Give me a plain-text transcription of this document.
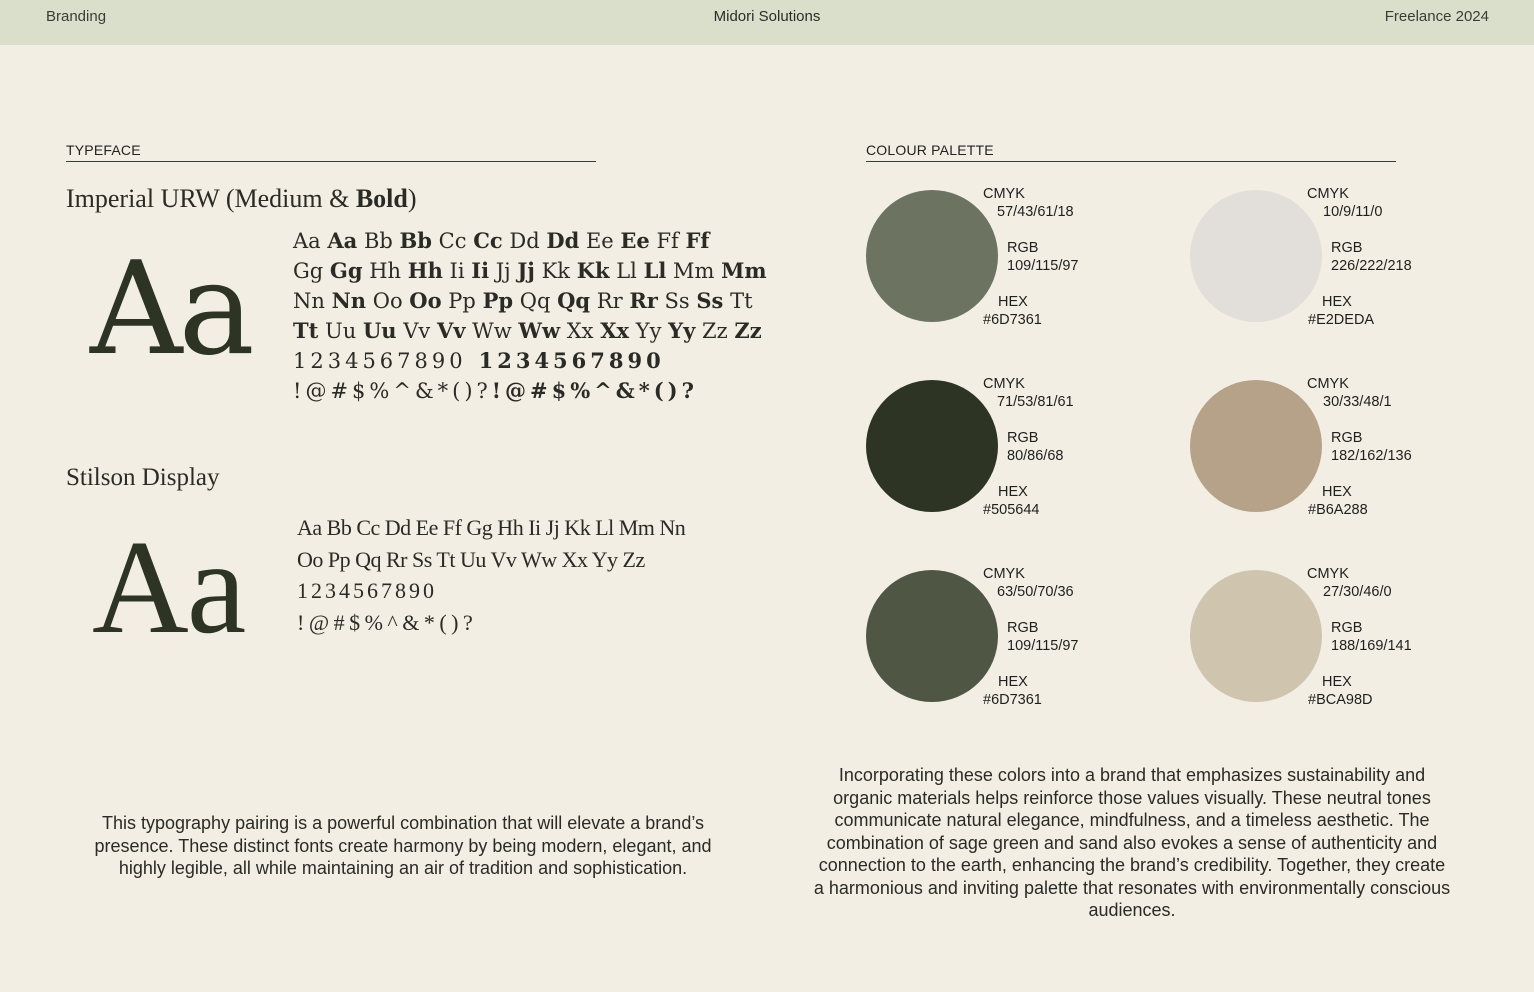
Branding	Midori Solutions	Freelance 2024
TYPEFACE
Imperial URW (Medium & Bold)
Aa Aa Aa Bb Bb Cc Cc Dd Dd Ee Ee Ff Ff
Gg Gg Hh Hh Ii Ii Jj Jj Kk Kk Ll Ll Mm Mm
Nn Nn Oo Oo Pp Pp Qq Qq Rr Rr Ss Ss Tt
Tt Uu Uu Vv Vv Ww Ww Xx Xx Yy Yy Zz Zz
1234567890 1234567890
!@#$%^&*()?!@#$%^&*()?
Stilson Display
Aa Aa Bb Cc Dd Ee Ff Gg Hh Ii Jj Kk Ll Mm Nn
Oo Pp Qq Rr Ss Tt Uu Vv Ww Xx Yy Zz
1234567890
! @ # $ % ^ & * ( ) ?
This typography pairing is a powerful combination that will elevate a brand’s presence. These distinct fonts create harmony by being modern, elegant, and highly legible, all while maintaining an air of tradition and sophistication.
COLOUR PALETTE
CMYK
57/43/61/18
RGB
109/115/97
HEX
#6D7361
CMYK
10/9/11/0
RGB
226/222/218
HEX
#E2DEDA
CMYK
71/53/81/61
RGB
80/86/68
HEX
#505644
CMYK
30/33/48/1
RGB
182/162/136
HEX
#B6A288
CMYK
63/50/70/36
RGB
109/115/97
HEX
#6D7361
CMYK
27/30/46/0
RGB
188/169/141
HEX
#BCA98D
Incorporating these colors into a brand that emphasizes sustainability and organic materials helps reinforce those values visually. These neutral tones communicate natural elegance, mindfulness, and a timeless aesthetic. The combination of sage green and sand also evokes a sense of authenticity and connection to the earth, enhancing the brand’s credibility. Together, they create a harmonious and inviting palette that resonates with environmentally conscious audiences.
